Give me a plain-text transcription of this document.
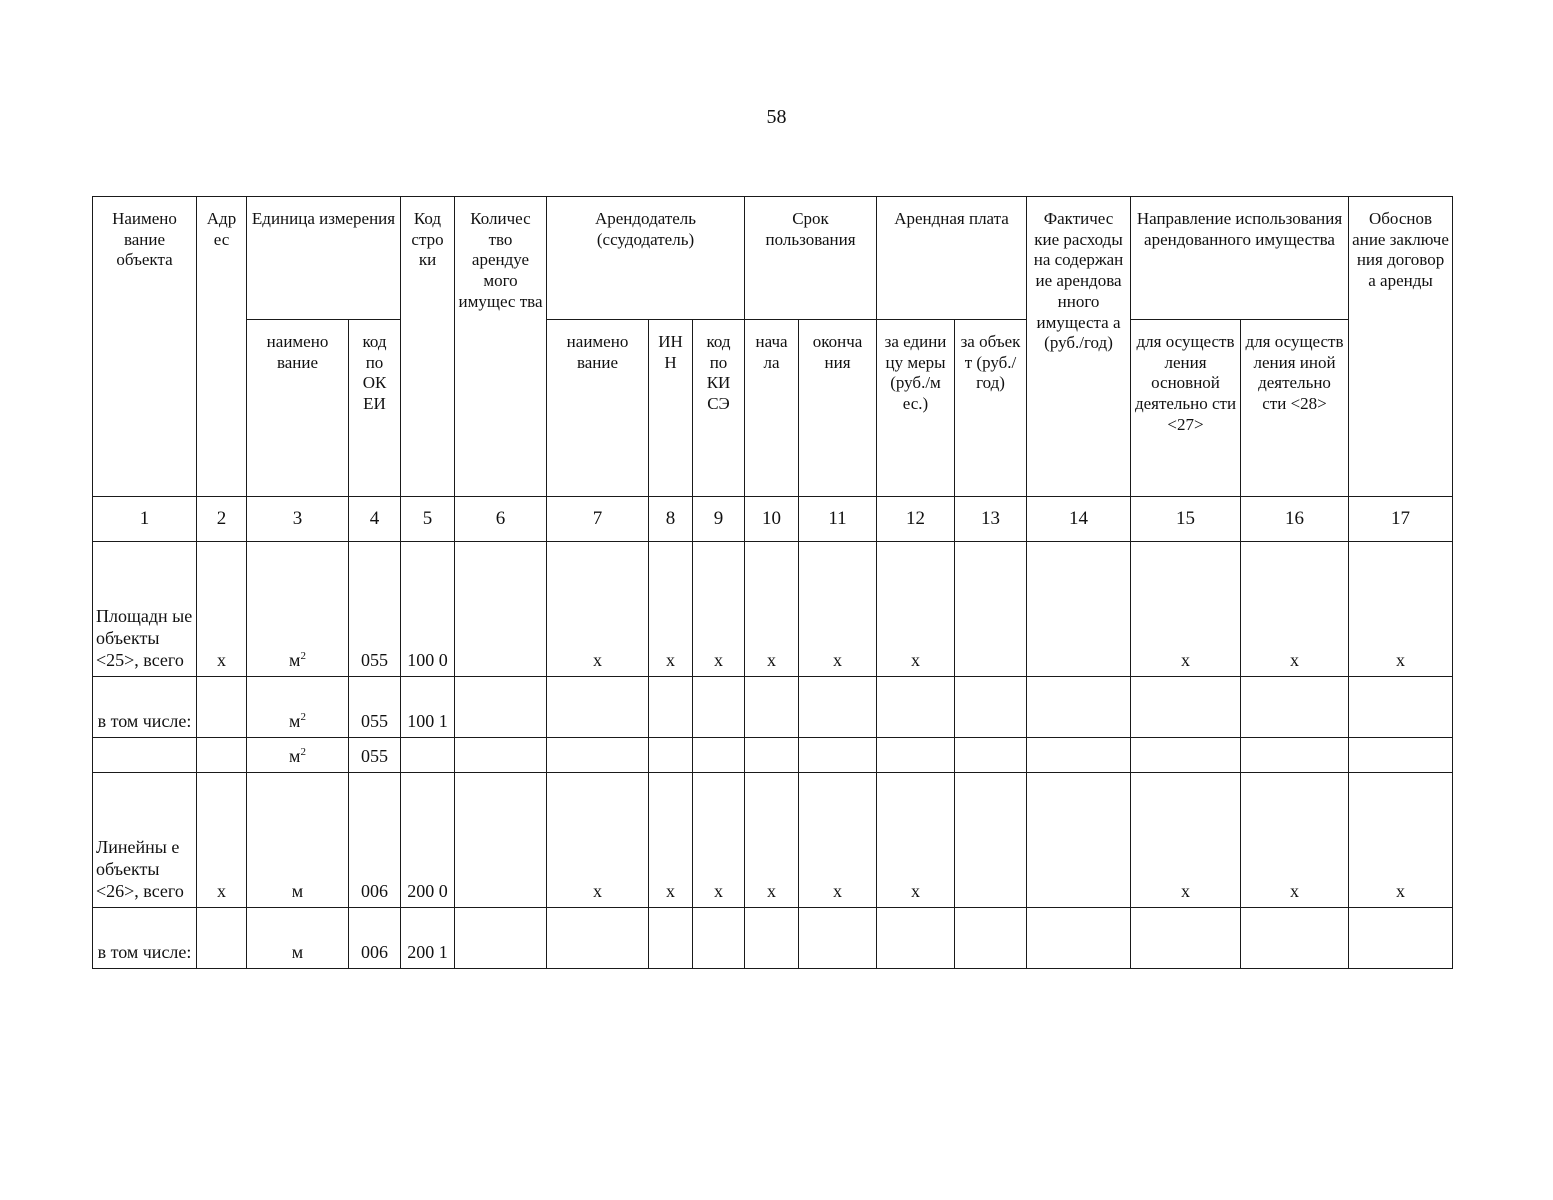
58
Наимено вание объекта	Адр ес	Единица измерения		Код стро ки	Количес тво арендуе мого имущес тва	Арендодатель (ссудодатель)			Срок пользования		Арендная плата		Фактичес кие расходы на содержан ие арендова нного имущеста а (руб./год)	Направление использования арендованного имущества		Обоснов ание заключе ния договор а аренды
		наимено вание	код по ОК ЕИ			наимено вание	ИН Н	код по КИ СЭ	нача ла	оконча ния	за едини цу меры (руб./м ес.)	за объек т (руб./ год)		для осуществ ления основной деятельно сти <27>	для осуществ ления иной деятельно сти <28>	
1	2	3	4	5	6	7	8	9	10	11	12	13	14	15	16	17
Площадн ые объекты <25>, всего	х	$м^2$	055	100 0		х	х	х	х	х	х			х	х	х
в том числе:		$м^2$	055	100 1												
		$м^2$	055													
Линейны е объекты <26>, всего	х	м	006	200 0		х	х	х	х	х	х			х	х	х
в том числе:		м	006	200 1												
